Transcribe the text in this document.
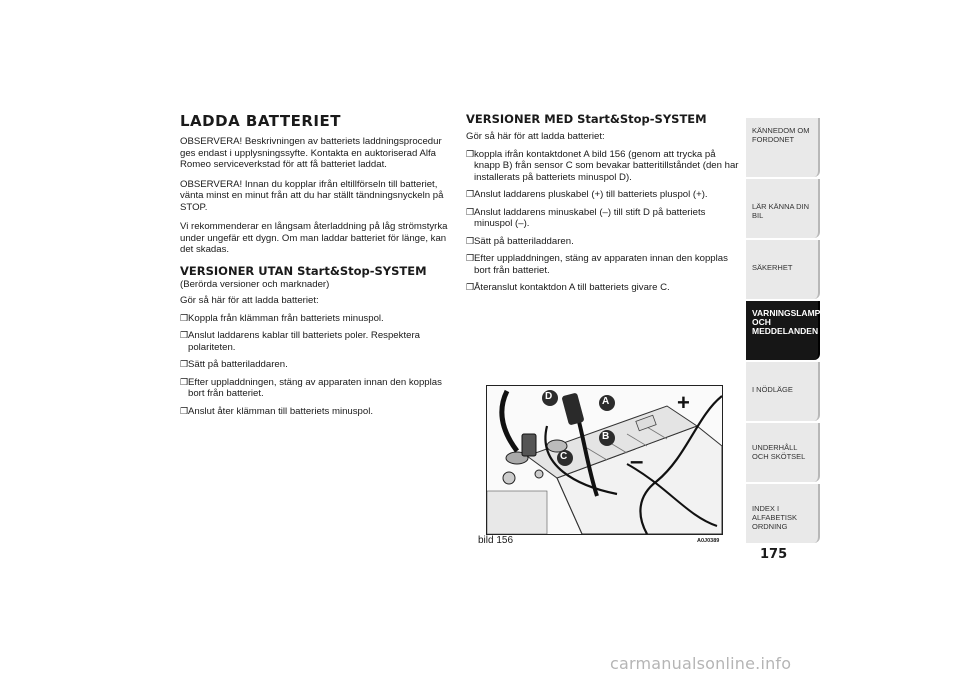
LADDA BATTERIET

OBSERVERA! Beskrivningen av batteriets laddningsprocedur ges endast i upplysningssyfte. Kontakta en auktoriserad Alfa Romeo serviceverkstad för att få batteriet laddat.

OBSERVERA! Innan du kopplar ifrån eltillförseln till batteriet, vänta minst en minut från att du har ställt tändningsnyckeln på STOP.

Vi rekommenderar en långsam återladdning på låg strömstyrka under ungefär ett dygn. Om man laddar batteriet för länge, kan det skadas.

VERSIONER UTAN Start&Stop-SYSTEM

(Berörda versioner och marknader)

Gör så här för att ladda batteriet:

❒ Koppla från klämman från batteriets minuspol.
❒ Anslut laddarens kablar till batteriets poler. Respektera polariteten.
❒ Sätt på batteriladdaren.
❒ Efter uppladdningen, stäng av apparaten innan den kopplas bort från batteriet.
❒ Anslut åter klämman till batteriets minuspol.
VERSIONER MED Start&Stop-SYSTEM

Gör så här för att ladda batteriet:

❒ koppla ifrån kontaktdonet A bild 156 (genom att trycka på knapp B) från sensor C som bevakar batteritillståndet (den har installerats på batteriets minuspol D).
❒ Anslut laddarens pluskabel (+) till batteriets pluspol (+).
❒ Anslut laddarens minuskabel (–) till stift D på batteriets minuspol (–).
❒ Sätt på batteriladdaren.
❒ Efter uppladdningen, stäng av apparaten innan den kopplas bort från batteriet.
❒ Återanslut kontaktdon A till batteriets givare C.
D	A
B
C
+
–
bild 156	A0J0389
KÄNNEDOM OM FORDONET
LÄR KÄNNA DIN BIL
SÄKERHET
VARNINGSLAMPOR OCH MEDDELANDEN
I NÖDLÄGE
UNDERHÅLL OCH SKÖTSEL
INDEX I ALFABETISK ORDNING
175
carmanualsonline.info
